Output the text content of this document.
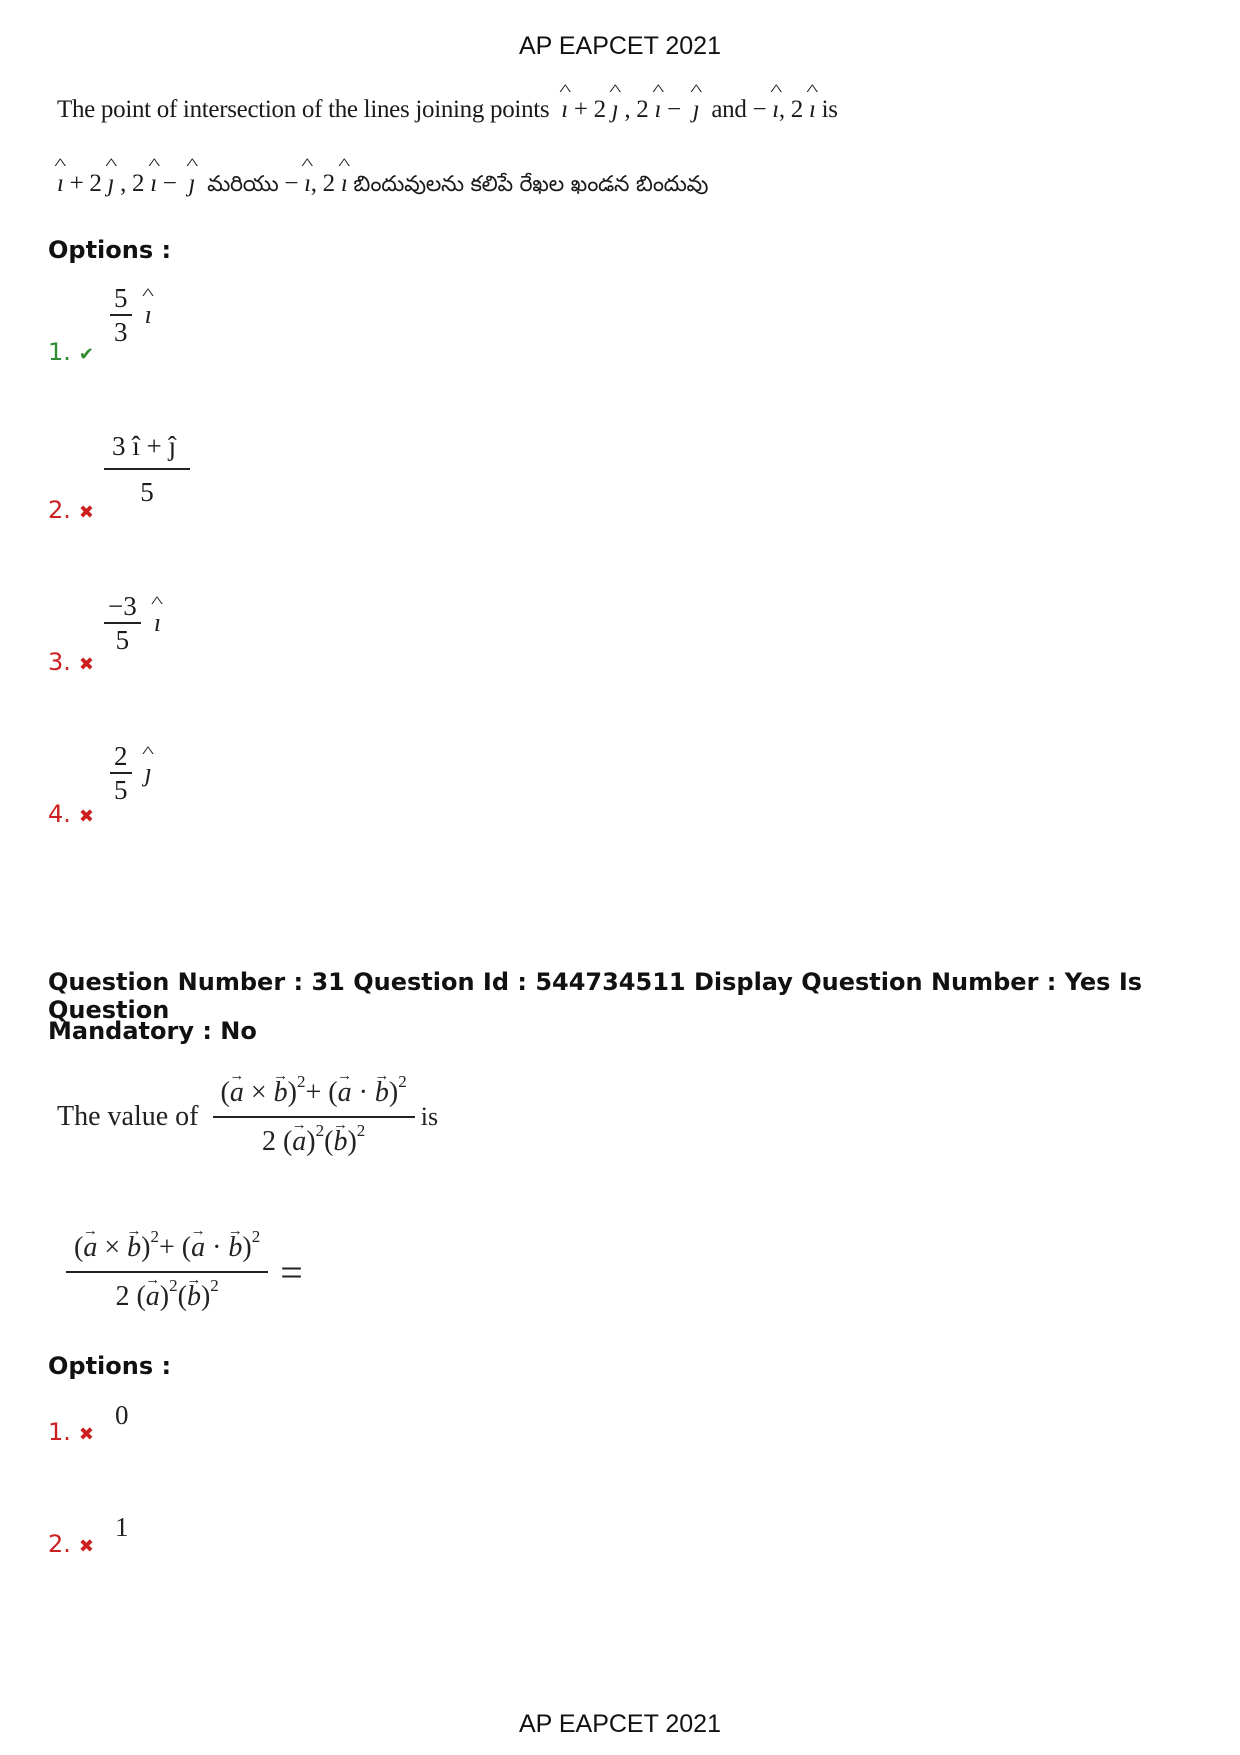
AP EAPCET 2021
The point of intersection of the lines joining points ^ ı + 2 ^ ȷ , 2 ^ ı −  ^ ȷ and − ^ ı, 2 ^ ı is
^ ı + 2 ^ ȷ , 2 ^ ı −  ^ ȷ మరియు − ^ ı, 2 ^ ı బిందువులను కలిపే రేఖల ఖండన బిందువు
Options :
1. ✔
$\frac{5}{3}$ ^ ı
2. ✖
$\frac{3 î + ĵ}{5}$
3. ✖
$\frac{-3}{5}$ ^ ı
4. ✖
$\frac{2}{5}$ ^ ȷ
Question Number : 31 Question Id : 544734511 Display Question Number : Yes Is Question
Mandatory : No
The value of $\frac{(\to a \times \to b)^2+ (\to a \cdot \to b)^2}{2 (\to a)^2(\to b)^2}$ is
$\frac{(\to a \times \to b)^2+ (\to a \cdot \to b)^2}{2 (\to a)^2(\to b)^2}$ =
Options :
1. ✖
0
2. ✖
1
AP EAPCET 2021
